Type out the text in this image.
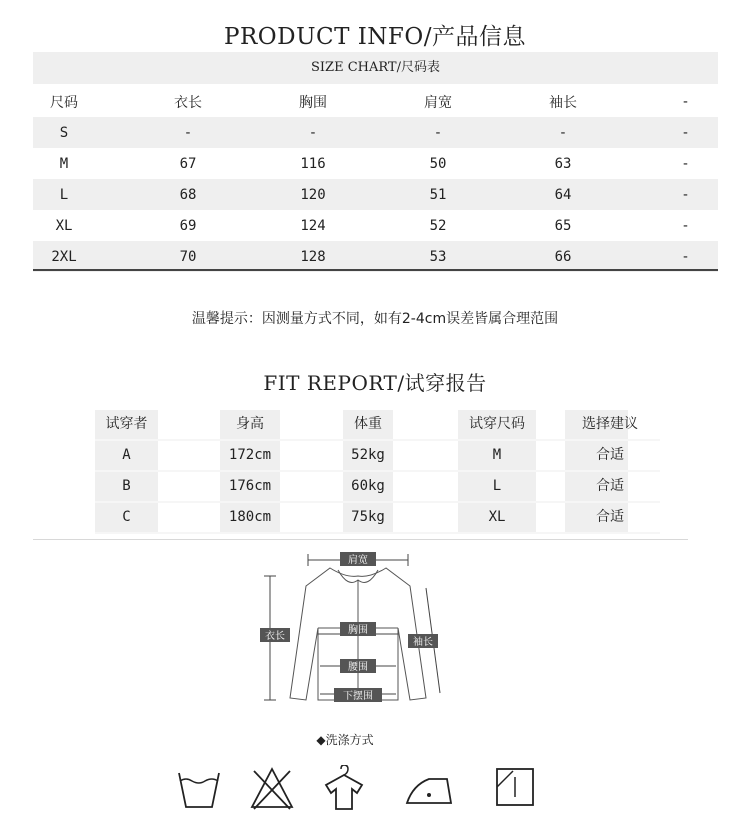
PRODUCT INFO/产品信息
SIZE CHART/尺码表
尺码	衣长	胸围	肩宽	袖长	-
S	-	-	-	-	-
M	67	116	50	63	-
L	68	120	51	64	-
XL	69	124	52	65	-
2XL	70	128	53	66	-
温馨提示：因测量方式不同，如有2-4cm误差皆属合理范围
FIT REPORT/试穿报告
试穿者	身高	体重	试穿尺码	选择建议
A	172cm	52kg	M	合适
B	176cm	60kg	L	合适
C	180cm	75kg	XL	合适
肩宽
衣长
胸围
袖长
腰围
下摆围
◆洗涤方式
